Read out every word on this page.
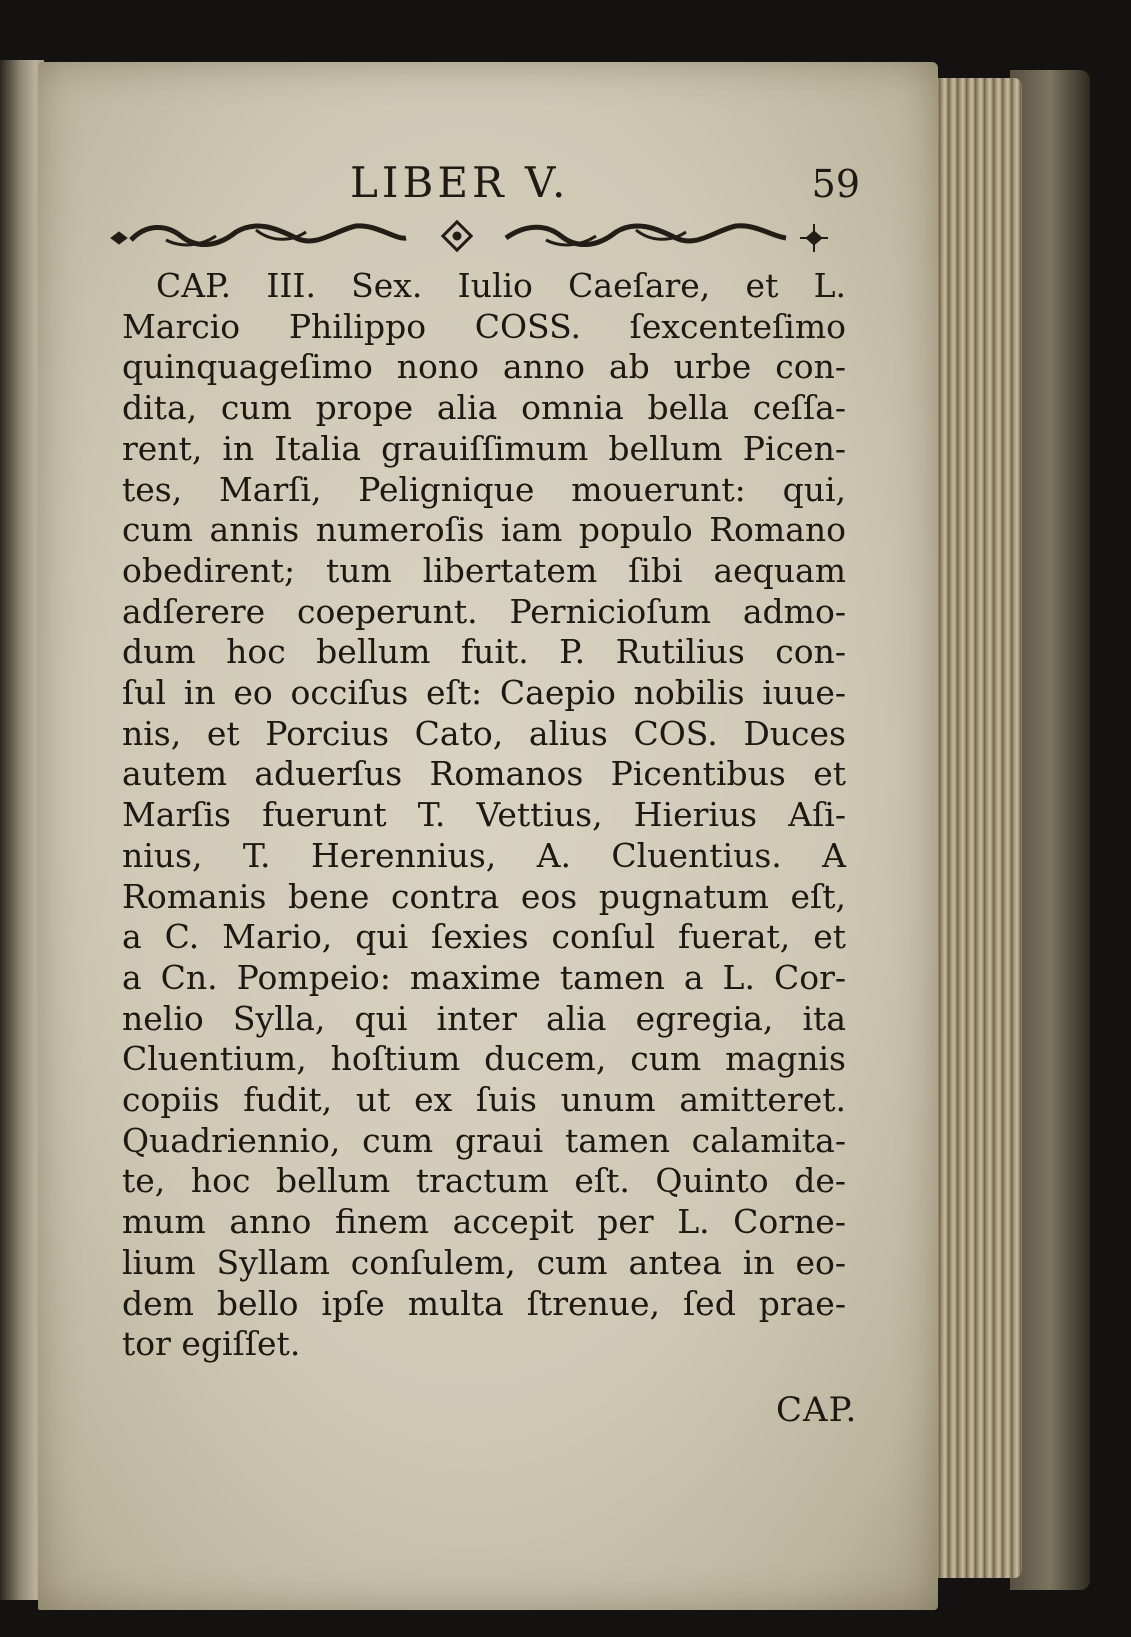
LIBER V.	59
CAP. III. Sex. Iulio Caeſare, et L.
Marcio Philippo COSS. ſexcenteſimo
quinquageſimo nono anno ab urbe con-
dita, cum prope alia omnia bella ceſſa-
rent, in Italia grauiſſimum bellum Picen-
tes, Marſi, Pelignique mouerunt: qui,
cum annis numeroſis iam populo Romano
obedirent; tum libertatem ſibi aequam
adſerere coeperunt. Pernicioſum admo-
dum hoc bellum fuit. P. Rutilius con-
ſul in eo occiſus eſt: Caepio nobilis iuue-
nis, et Porcius Cato, alius COS. Duces
autem aduerſus Romanos Picentibus et
Marſis fuerunt T. Vettius, Hierius Aſi-
nius, T. Herennius, A. Cluentius. A
Romanis bene contra eos pugnatum eſt,
a C. Mario, qui ſexies conſul fuerat, et
a Cn. Pompeio: maxime tamen a L. Cor-
nelio Sylla, qui inter alia egregia, ita
Cluentium, hoſtium ducem, cum magnis
copiis fudit, ut ex ſuis unum amitteret.
Quadriennio, cum graui tamen calamita-
te, hoc bellum tractum eſt. Quinto de-
mum anno finem accepit per L. Corne-
lium Syllam conſulem, cum antea in eo-
dem bello ipſe multa ſtrenue, ſed prae-
tor egiſſet.
CAP.
